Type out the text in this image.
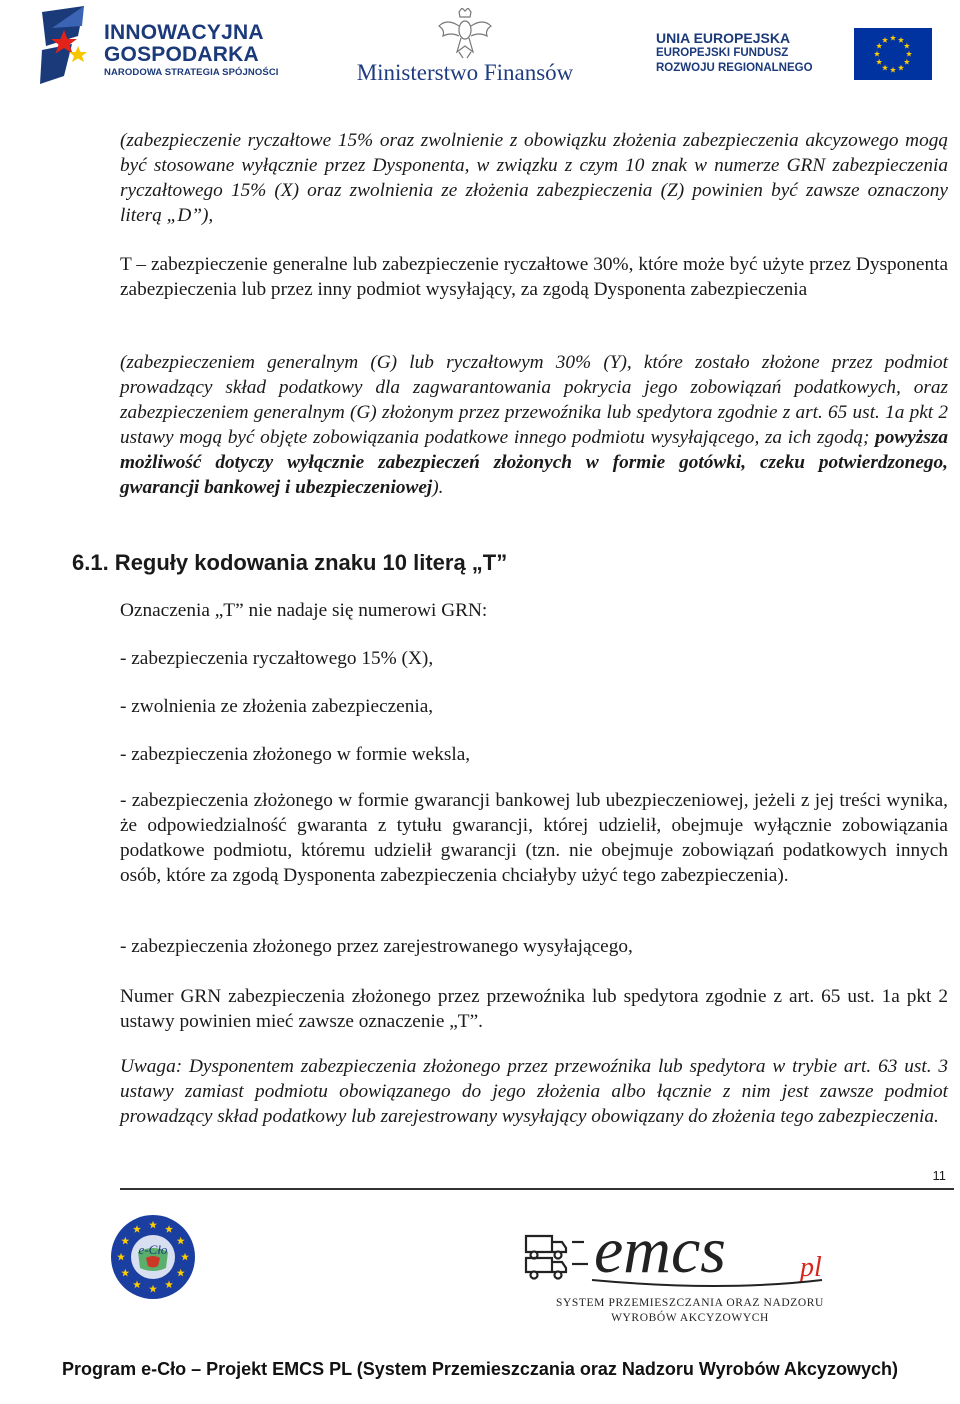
INNOWACYJNA
GOSPODARKA
NARODOWA STRATEGIA SPÓJNOŚCI	Ministerstwo Finansów
UNIA EUROPEJSKA
EUROPEJSKI FUNDUSZ
ROZWOJU REGIONALNEGO

(zabezpieczenie ryczałtowe 15% oraz zwolnienie z obowiązku złożenia zabezpieczenia akcyzowego mogą być stosowane wyłącznie przez Dysponenta, w związku z czym 10 znak w numerze GRN zabezpieczenia ryczałtowego 15% (X) oraz zwolnienia ze złożenia zabezpieczenia (Z) powinien być zawsze oznaczony literą „D”),

T – zabezpieczenie generalne lub zabezpieczenie ryczałtowe 30%, które może być użyte przez Dysponenta zabezpieczenia lub przez inny podmiot wysyłający, za zgodą Dysponenta zabezpieczenia

(zabezpieczeniem generalnym (G) lub ryczałtowym 30% (Y), które zostało złożone przez podmiot prowadzący skład podatkowy dla zagwarantowania pokrycia jego zobowiązań podatkowych, oraz zabezpieczeniem generalnym (G) złożonym przez przewoźnika lub spedytora zgodnie z art. 65 ust. 1a pkt 2 ustawy mogą być objęte zobowiązania podatkowe innego podmiotu wysyłającego, za ich zgodą; powyższa możliwość dotyczy wyłącznie zabezpieczeń złożonych w formie gotówki, czeku potwierdzonego, gwarancji bankowej i ubezpieczeniowej).

6.1. Reguły kodowania znaku 10 literą „T”

Oznaczenia „T” nie nadaje się numerowi GRN:

- zabezpieczenia ryczałtowego 15% (X),

- zwolnienia ze złożenia zabezpieczenia,

- zabezpieczenia złożonego w formie weksla,

- zabezpieczenia złożonego w formie gwarancji bankowej lub ubezpieczeniowej, jeżeli z jej treści wynika, że odpowiedzialność gwaranta z tytułu gwarancji, której udzielił, obejmuje wyłącznie zobowiązania podatkowe podmiotu, któremu udzielił gwarancji (tzn. nie obejmuje zobowiązań podatkowych innych osób, które za zgodą Dysponenta zabezpieczenia chciałyby użyć tego zabezpieczenia).

- zabezpieczenia złożonego przez zarejestrowanego wysyłającego,

Numer GRN zabezpieczenia złożonego przez przewoźnika lub spedytora zgodnie z art. 65 ust. 1a pkt 2 ustawy powinien mieć zawsze oznaczenie „T”.

Uwaga: Dysponentem zabezpieczenia złożonego przez przewoźnika lub spedytora w trybie art. 63 ust. 3 ustawy zamiast podmiotu obowiązanego do jego złożenia albo łącznie z nim jest zawsze podmiot prowadzący skład podatkowy lub zarejestrowany wysyłający obowiązany do złożenia tego zabezpieczenia.

11
e-Cło	emcs	pl
SYSTEM PRZEMIESZCZANIA ORAZ NADZORU
WYROBÓW AKCYZOWYCH
Program e-Cło – Projekt EMCS PL (System Przemieszczania oraz Nadzoru Wyrobów Akcyzowych)
